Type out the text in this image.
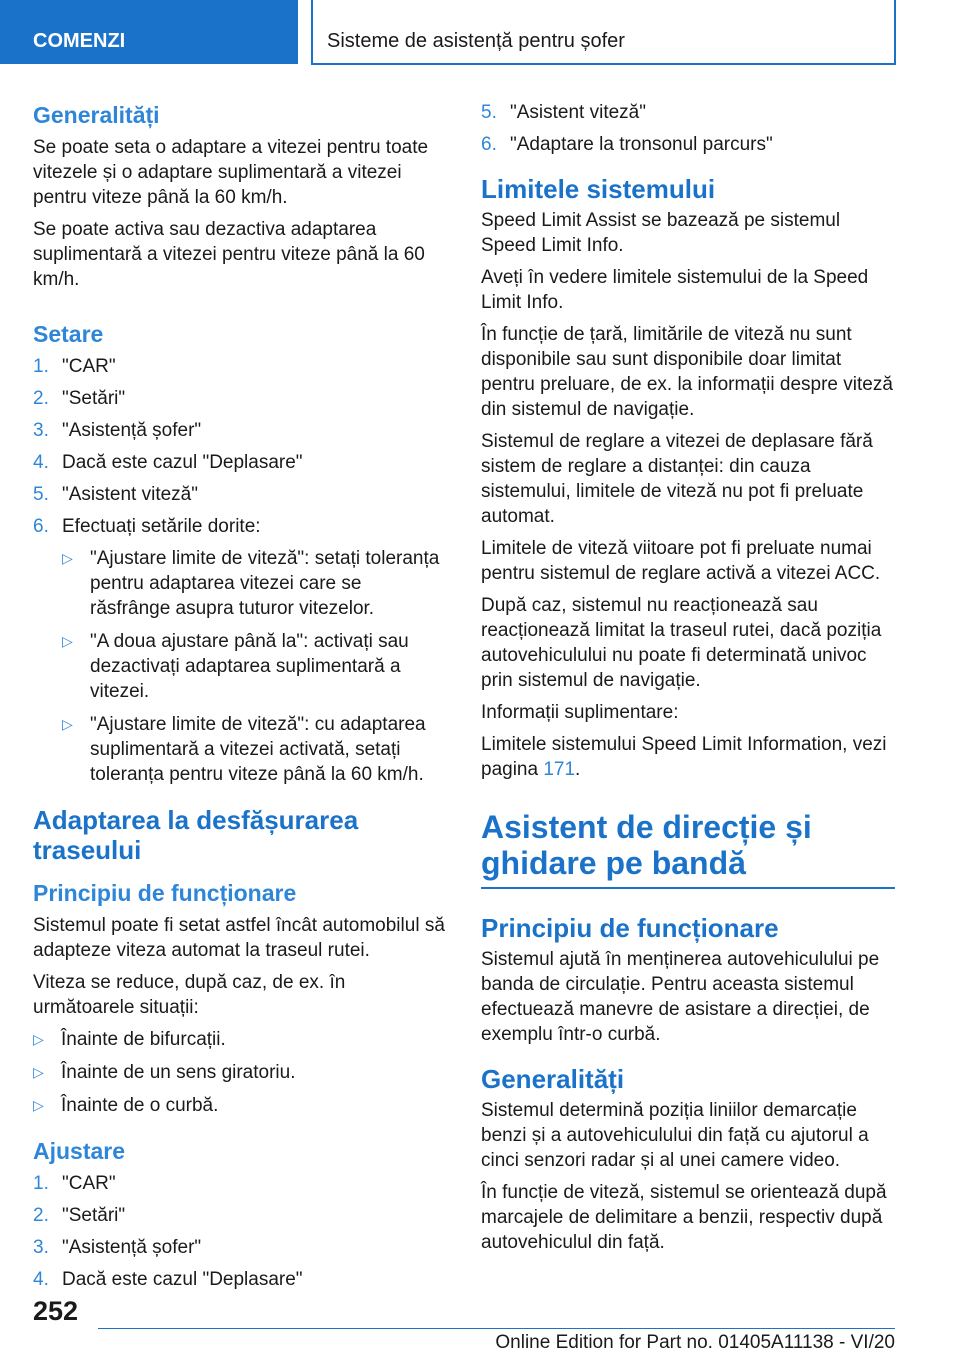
COMENZI	Sisteme de asistență pentru șofer
Generalități

Se poate seta o adaptare a vitezei pentru toate vitezele și o adaptare suplimentară a vitezei pentru viteze până la 60 km/h.

Se poate activa sau dezactiva adaptarea suplimentară a vitezei pentru viteze până la 60 km/h.

Setare
1. "CAR"
2. "Setări"
3. "Asistență șofer"
4. Dacă este cazul "Deplasare"
5. "Asistent viteză"
6. Efectuați setările dorite:
▷ "Ajustare limite de viteză": setați toleranța pentru adaptarea vitezei care se răsfrânge asupra tuturor vitezelor.
▷ "A doua ajustare până la": activați sau dezactivați adaptarea suplimentară a vitezei.
▷ "Ajustare limite de viteză": cu adaptarea suplimentară a vitezei activată, setați toleranța pentru viteze până la 60 km/h.
Adaptarea la desfășurarea traseului
Principiu de funcționare

Sistemul poate fi setat astfel încât automobilul să adapteze viteza automat la traseul rutei.

Viteza se reduce, după caz, de ex. în următoarele situații:

▷ Înainte de bifurcații.
▷ Înainte de un sens giratoriu.
▷ Înainte de o curbă.
Ajustare
1. "CAR"
2. "Setări"
3. "Asistență șofer"
4. Dacă este cazul "Deplasare"
5. "Asistent viteză"
6. "Adaptare la tronsonul parcurs"
Limitele sistemului

Speed Limit Assist se bazează pe sistemul Speed Limit Info.

Aveți în vedere limitele sistemului de la Speed Limit Info.

În funcție de țară, limitările de viteză nu sunt disponibile sau sunt disponibile doar limitat pentru preluare, de ex. la informații despre viteză din sistemul de navigație.

Sistemul de reglare a vitezei de deplasare fără sistem de reglare a distanței: din cauza sistemului, limitele de viteză nu pot fi preluate automat.

Limitele de viteză viitoare pot fi preluate numai pentru sistemul de reglare activă a vitezei ACC.

După caz, sistemul nu reacționează sau reacționează limitat la traseul rutei, dacă poziția autovehiculului nu poate fi determinată univoc prin sistemul de navigație.

Informații suplimentare:

Limitele sistemului Speed Limit Information, vezi pagina 171.

Asistent de direcție și ghidare pe bandă
Principiu de funcționare

Sistemul ajută în menținerea autovehiculului pe banda de circulație. Pentru aceasta sistemul efectuează manevre de asistare a direcției, de exemplu într-o curbă.

Generalități

Sistemul determină poziția liniilor demarcație benzi și a autovehiculului din față cu ajutorul a cinci senzori radar și al unei camere video.

În funcție de viteză, sistemul se orientează după marcajele de delimitare a benzii, respectiv după autovehiculul din față.

252
Online Edition for Part no. 01405A11138 - VI/20
